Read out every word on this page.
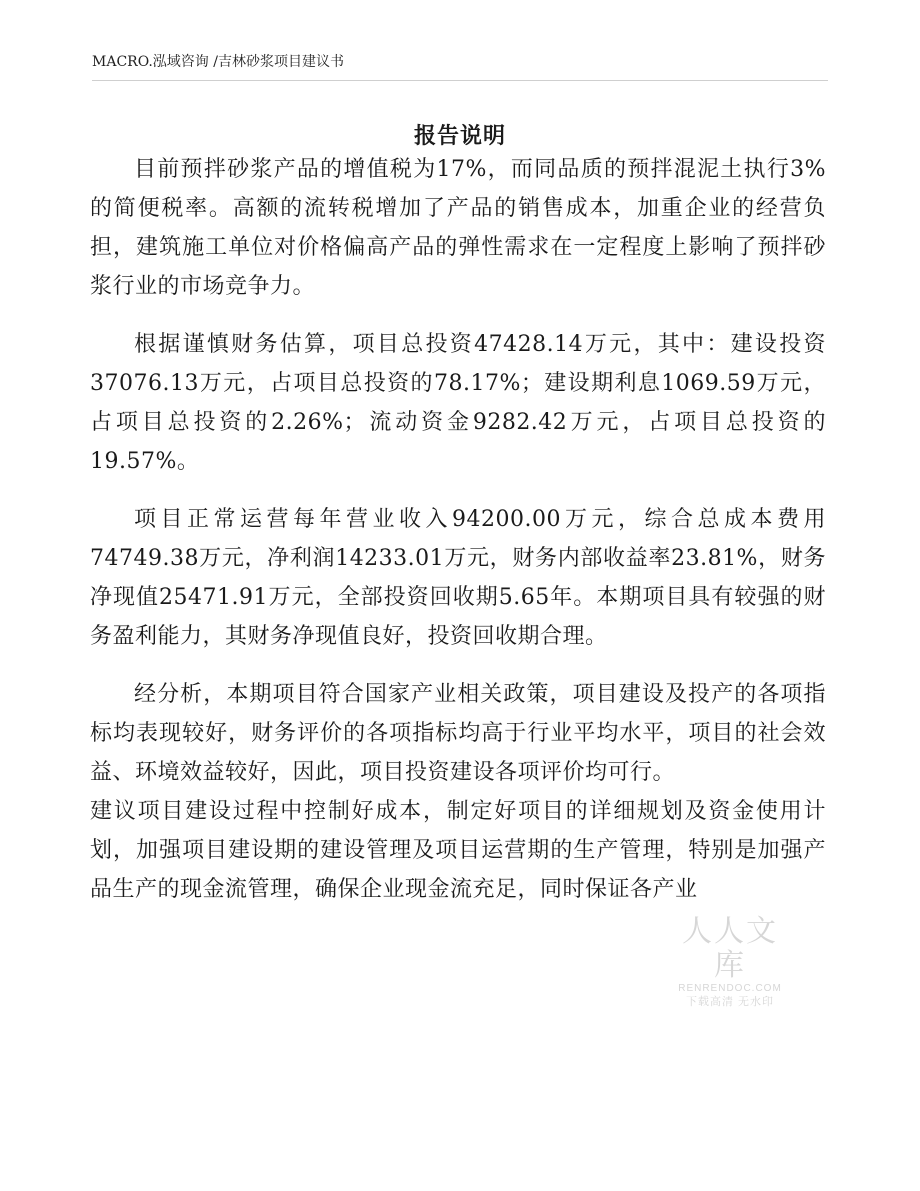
MACRO.泓域咨询 /吉林砂浆项目建议书
报告说明

目前预拌砂浆产品的增值税为17%，而同品质的预拌混泥土执行3%的简便税率。高额的流转税增加了产品的销售成本，加重企业的经营负担，建筑施工单位对价格偏高产品的弹性需求在一定程度上影响了预拌砂浆行业的市场竞争力。

根据谨慎财务估算，项目总投资47428.14万元，其中：建设投资37076.13万元，占项目总投资的78.17%；建设期利息1069.59万元，占项目总投资的2.26%；流动资金9282.42万元，占项目总投资的19.57%。

项目正常运营每年营业收入94200.00万元，综合总成本费用74749.38万元，净利润14233.01万元，财务内部收益率23.81%，财务净现值25471.91万元，全部投资回收期5.65年。本期项目具有较强的财务盈利能力，其财务净现值良好，投资回收期合理。

经分析，本期项目符合国家产业相关政策，项目建设及投产的各项指标均表现较好，财务评价的各项指标均高于行业平均水平，项目的社会效益、环境效益较好，因此，项目投资建设各项评价均可行。

建议项目建设过程中控制好成本，制定好项目的详细规划及资金使用计划，加强项目建设期的建设管理及项目运营期的生产管理，特别是加强产品生产的现金流管理，确保企业现金流充足，同时保证各产业

人人文库
RENRENDOC.COM
下载高清 无水印
